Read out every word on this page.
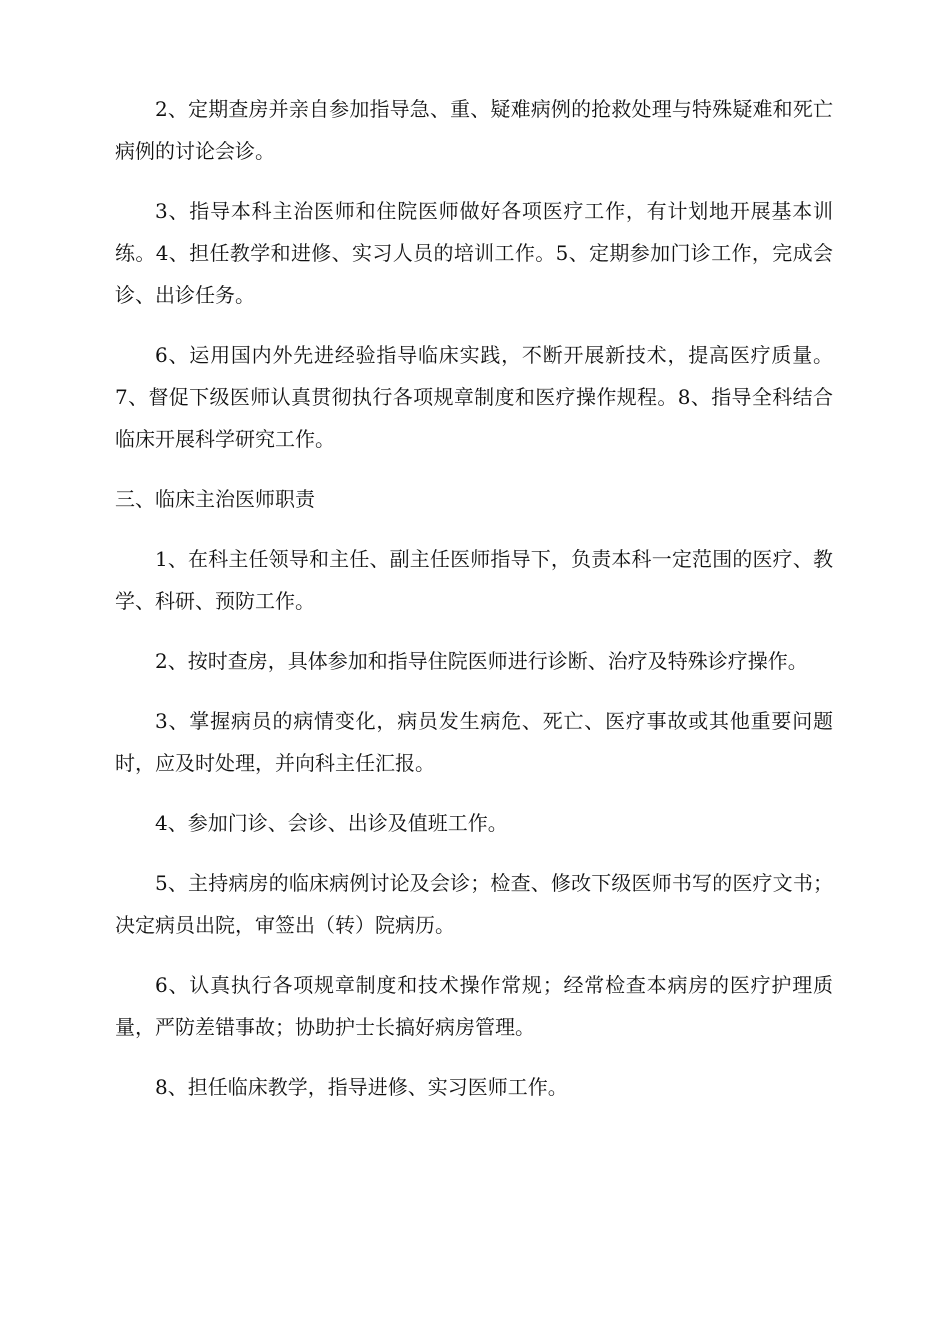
2、定期查房并亲自参加指导急、重、疑难病例的抢救处理与特殊疑难和死亡病例的讨论会诊。

3、指导本科主治医师和住院医师做好各项医疗工作，有计划地开展基本训练。4、担任教学和进修、实习人员的培训工作。5、定期参加门诊工作，完成会诊、出诊任务。

6、运用国内外先进经验指导临床实践，不断开展新技术，提高医疗质量。7、督促下级医师认真贯彻执行各项规章制度和医疗操作规程。8、指导全科结合临床开展科学研究工作。

三、临床主治医师职责

1、在科主任领导和主任、副主任医师指导下，负责本科一定范围的医疗、教学、科研、预防工作。

2、按时查房，具体参加和指导住院医师进行诊断、治疗及特殊诊疗操作。

3、掌握病员的病情变化，病员发生病危、死亡、医疗事故或其他重要问题时，应及时处理，并向科主任汇报。

4、参加门诊、会诊、出诊及值班工作。

5、主持病房的临床病例讨论及会诊；检查、修改下级医师书写的医疗文书；决定病员出院，审签出（转）院病历。

6、认真执行各项规章制度和技术操作常规；经常检查本病房的医疗护理质量，严防差错事故；协助护士长搞好病房管理。

8、担任临床教学，指导进修、实习医师工作。
